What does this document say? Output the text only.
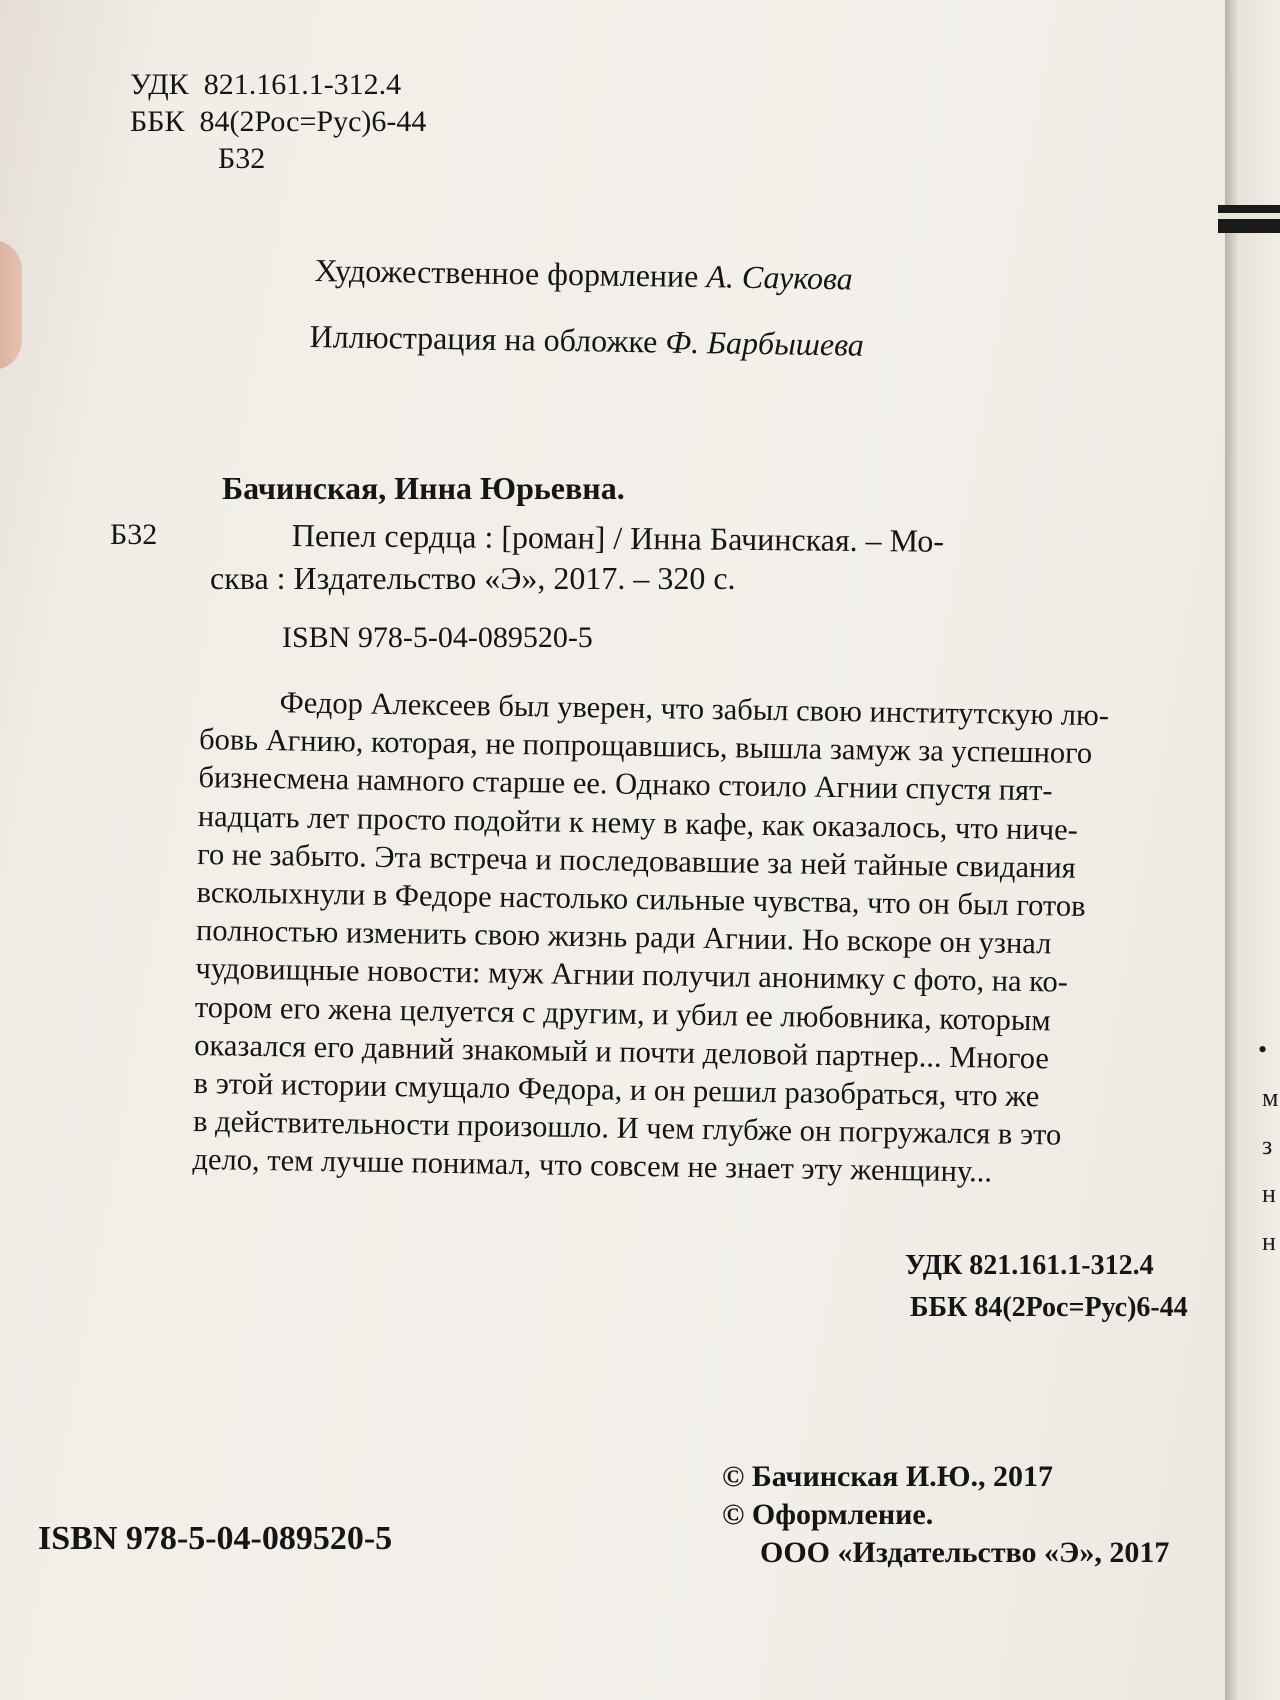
УДК 821.161.1-312.4
ББК 84(2Рос=Рус)6-44
Б32
Художественное формление А. Саукова
Иллюстрация на обложке Ф. Барбышева
Бачинская, Инна Юрьевна.
Б32	Пепел сердца : [роман] / Инна Бачинская. – Мо-
сква : Издательство «Э», 2017. – 320 с.
ISBN 978-5-04-089520-5
Федор Алексеев был уверен, что забыл свою институтскую лю-
бовь Агнию, которая, не попрощавшись, вышла замуж за успешного
бизнесмена намного старше ее. Однако стоило Агнии спустя пят-
надцать лет просто подойти к нему в кафе, как оказалось, что ниче-
го не забыто. Эта встреча и последовавшие за ней тайные свидания
всколыхнули в Федоре настолько сильные чувства, что он был готов
полностью изменить свою жизнь ради Агнии. Но вскоре он узнал
чудовищные новости: муж Агнии получил анонимку с фото, на ко-
тором его жена целуется с другим, и убил ее любовника, которым
оказался его давний знакомый и почти деловой партнер... Многое
в этой истории смущало Федора, и он решил разобраться, что же
в действительности произошло. И чем глубже он погружался в это
дело, тем лучше понимал, что совсем не знает эту женщину...
УДК 821.161.1-312.4
ББК 84(2Рос=Рус)6-44
ISBN 978-5-04-089520-5
© Бачинская И.Ю., 2017
© Оформление.
ООО «Издательство «Э», 2017
•
м
з
н
н
